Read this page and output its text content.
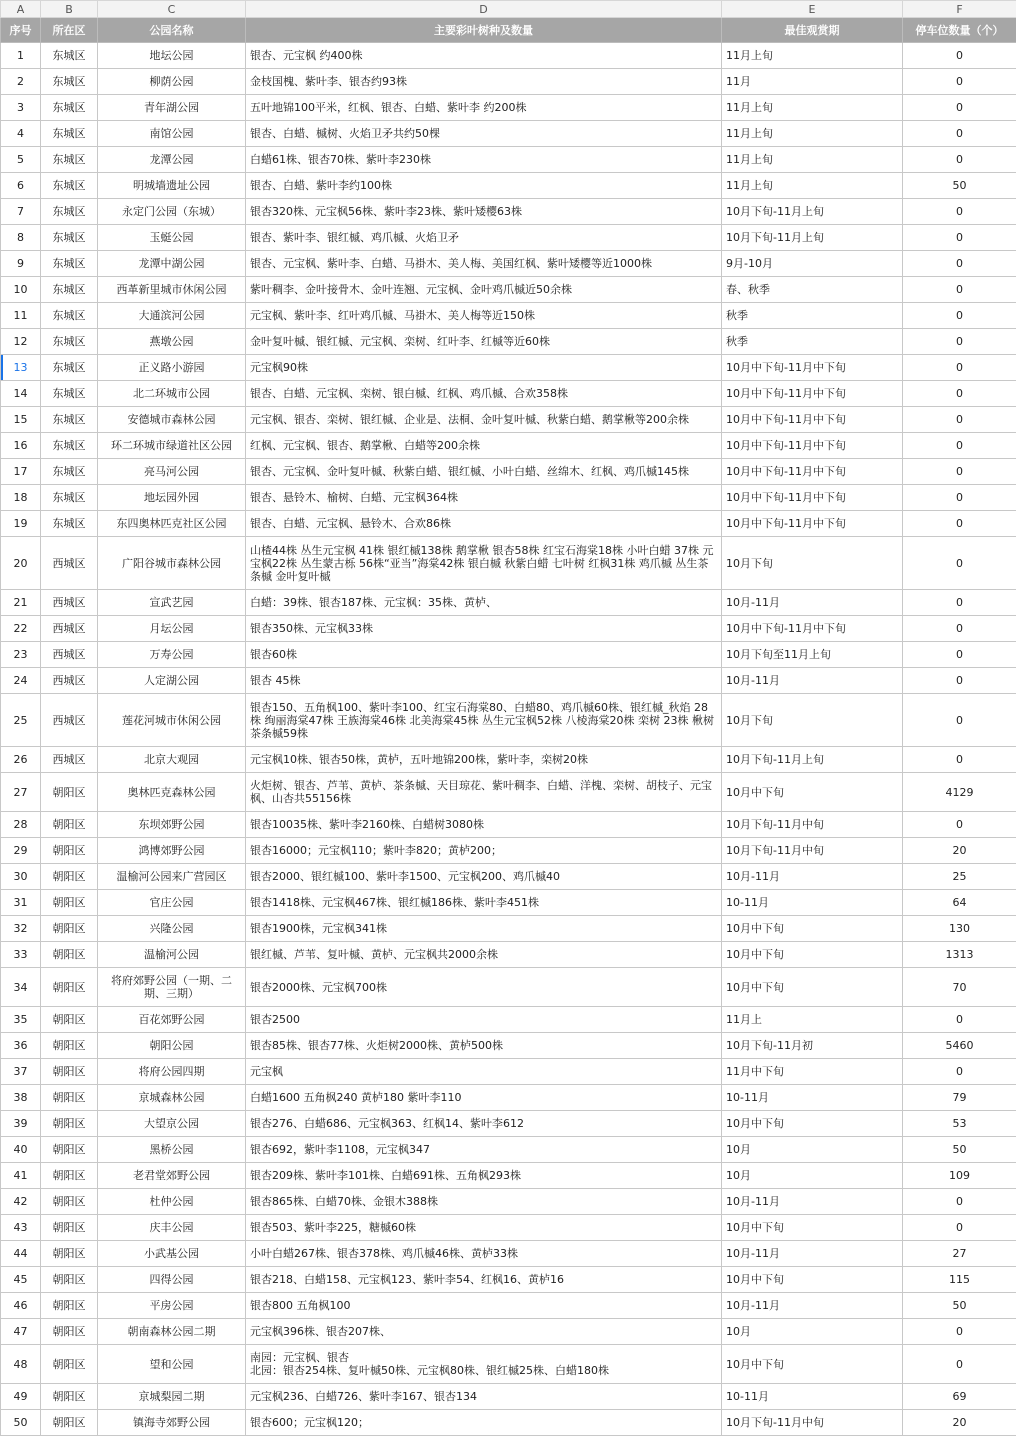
A	B	C	D	E	F
序号	所在区	公园名称	主要彩叶树种及数量	最佳观赏期	停车位数量（个）
1	东城区	地坛公园	银杏、元宝枫 约400株	11月上旬	0
2	东城区	柳荫公园	金枝国槐、紫叶李、银杏约93株	11月	0
3	东城区	青年湖公园	五叶地锦100平米，红枫、银杏、白蜡、紫叶李 约200株	11月上旬	0
4	东城区	南馆公园	银杏、白蜡、槭树、火焰卫矛共约50棵	11月上旬	0
5	东城区	龙潭公园	白蜡61株、银杏70株、紫叶李230株	11月上旬	0
6	东城区	明城墙遗址公园	银杏、白蜡、紫叶李约100株	11月上旬	50
7	东城区	永定门公园（东城）	银杏320株、元宝枫56株、紫叶李23株、紫叶矮樱63株	10月下旬-11月上旬	0
8	东城区	玉蜓公园	银杏、紫叶李、银红槭、鸡爪槭、火焰卫矛	10月下旬-11月上旬	0
9	东城区	龙潭中湖公园	银杏、元宝枫、紫叶李、白蜡、马褂木、美人梅、美国红枫、紫叶矮樱等近1000株	9月-10月	0
10	东城区	西革新里城市休闲公园	紫叶稠李、金叶接骨木、金叶连翘、元宝枫、金叶鸡爪槭近50余株	春、秋季	0
11	东城区	大通滨河公园	元宝枫、紫叶李、红叶鸡爪槭、马褂木、美人梅等近150株	秋季	0
12	东城区	燕墩公园	金叶复叶槭、银红槭、元宝枫、栾树、红叶李、红槭等近60株	秋季	0
13	东城区	正义路小游园	元宝枫90株	10月中下旬-11月中下旬	0
14	东城区	北二环城市公园	银杏、白蜡、元宝枫、栾树、银白槭、红枫、鸡爪槭、合欢358株	10月中下旬-11月中下旬	0
15	东城区	安德城市森林公园	元宝枫、银杏、栾树、银红槭、企业是、法桐、金叶复叶槭、秋紫白蜡、鹅掌楸等200余株	10月中下旬-11月中下旬	0
16	东城区	环二环城市绿道社区公园	红枫、元宝枫、银杏、鹅掌楸、白蜡等200余株	10月中下旬-11月中下旬	0
17	东城区	亮马河公园	银杏、元宝枫、金叶复叶槭、秋紫白蜡、银红槭、小叶白蜡、丝绵木、红枫、鸡爪槭145株	10月中下旬-11月中下旬	0
18	东城区	地坛园外园	银杏、悬铃木、榆树、白蜡、元宝枫364株	10月中下旬-11月中下旬	0
19	东城区	东四奥林匹克社区公园	银杏、白蜡、元宝枫、悬铃木、合欢86株	10月中下旬-11月中下旬	0
20	西城区	广阳谷城市森林公园	山楂44株 丛生元宝枫 41株 银红槭138株 鹅掌楸 银杏58株 红宝石海棠18株 小叶白蜡 37株 元宝枫22株 丛生蒙古栎 56株“亚当”海棠42株 银白槭 秋紫白蜡 七叶树 红枫31株 鸡爪槭 丛生茶条槭 金叶复叶槭	10月下旬	0
21	西城区	宣武艺园	白蜡：39株、银杏187株、元宝枫：35株、黄栌、	10月-11月	0
22	西城区	月坛公园	银杏350株、元宝枫33株	10月中下旬-11月中下旬	0
23	西城区	万寿公园	银杏60株	10月下旬至11月上旬	0
24	西城区	人定湖公园	银杏 45株	10月-11月	0
25	西城区	莲花河城市休闲公园	银杏150、五角枫100、紫叶李100、红宝石海棠80、白蜡80、鸡爪槭60株、银红槭_秋焰 28株 绚丽海棠47株 王族海棠46株 北美海棠45株 丛生元宝枫52株 八棱海棠20株 栾树 23株 楸树 茶条槭59株	10月下旬	0
26	西城区	北京大观园	元宝枫10株、银杏50株，黄栌，五叶地锦200株，紫叶李，栾树20株	10月下旬-11月上旬	0
27	朝阳区	奥林匹克森林公园	火炬树、银杏、芦苇、黄栌、茶条槭、天目琼花、紫叶稠李、白蜡、洋槐、栾树、胡枝子、元宝枫、山杏共55156株	10月中下旬	4129
28	朝阳区	东坝郊野公园	银杏10035株、紫叶李2160株、白蜡树3080株	10月下旬-11月中旬	0
29	朝阳区	鸿博郊野公园	银杏16000；元宝枫110；紫叶李820；黄栌200；	10月下旬-11月中旬	20
30	朝阳区	温榆河公园来广营园区	银杏2000、银红槭100、紫叶李1500、元宝枫200、鸡爪槭40	10月-11月	25
31	朝阳区	官庄公园	银杏1418株、元宝枫467株、银红槭186株、紫叶李451株	10-11月	64
32	朝阳区	兴隆公园	银杏1900株，元宝枫341株	10月中下旬	130
33	朝阳区	温榆河公园	银红槭、芦苇、复叶槭、黄栌、元宝枫共2000余株	10月中下旬	1313
34	朝阳区	将府郊野公园（一期、二期、三期）	银杏2000株、元宝枫700株	10月中下旬	70
35	朝阳区	百花郊野公园	银杏2500	11月上	0
36	朝阳区	朝阳公园	银杏85株、银杏77株、火炬树2000株、黄栌500株	10月下旬-11月初	5460
37	朝阳区	将府公园四期	元宝枫	11月中下旬	0
38	朝阳区	京城森林公园	白蜡1600 五角枫240 黄栌180 紫叶李110	10-11月	79
39	朝阳区	大望京公园	银杏276、白蜡686、元宝枫363、红枫14、紫叶李612	10月中下旬	53
40	朝阳区	黑桥公园	银杏692，紫叶李1108，元宝枫347	10月	50
41	朝阳区	老君堂郊野公园	银杏209株、紫叶李101株、白蜡691株、五角枫293株	10月	109
42	朝阳区	杜仲公园	银杏865株、白蜡70株、金银木388株	10月-11月	0
43	朝阳区	庆丰公园	银杏503、紫叶李225，糖槭60株	10月中下旬	0
44	朝阳区	小武基公园	小叶白蜡267株、银杏378株、鸡爪槭46株、黄栌33株	10月-11月	27
45	朝阳区	四得公园	银杏218、白蜡158、元宝枫123、紫叶李54、红枫16、黄栌16	10月中下旬	115
46	朝阳区	平房公园	银杏800 五角枫100	10月-11月	50
47	朝阳区	朝南森林公园二期	元宝枫396株、银杏207株、	10月	0
48	朝阳区	望和公园	南园：元宝枫、银杏
北园：银杏254株、复叶槭50株、元宝枫80株、银红槭25株、白蜡180株	10月中下旬	0
49	朝阳区	京城梨园二期	元宝枫236、白蜡726、紫叶李167、银杏134	10-11月	69
50	朝阳区	镇海寺郊野公园	银杏600；元宝枫120；	10月下旬-11月中旬	20
